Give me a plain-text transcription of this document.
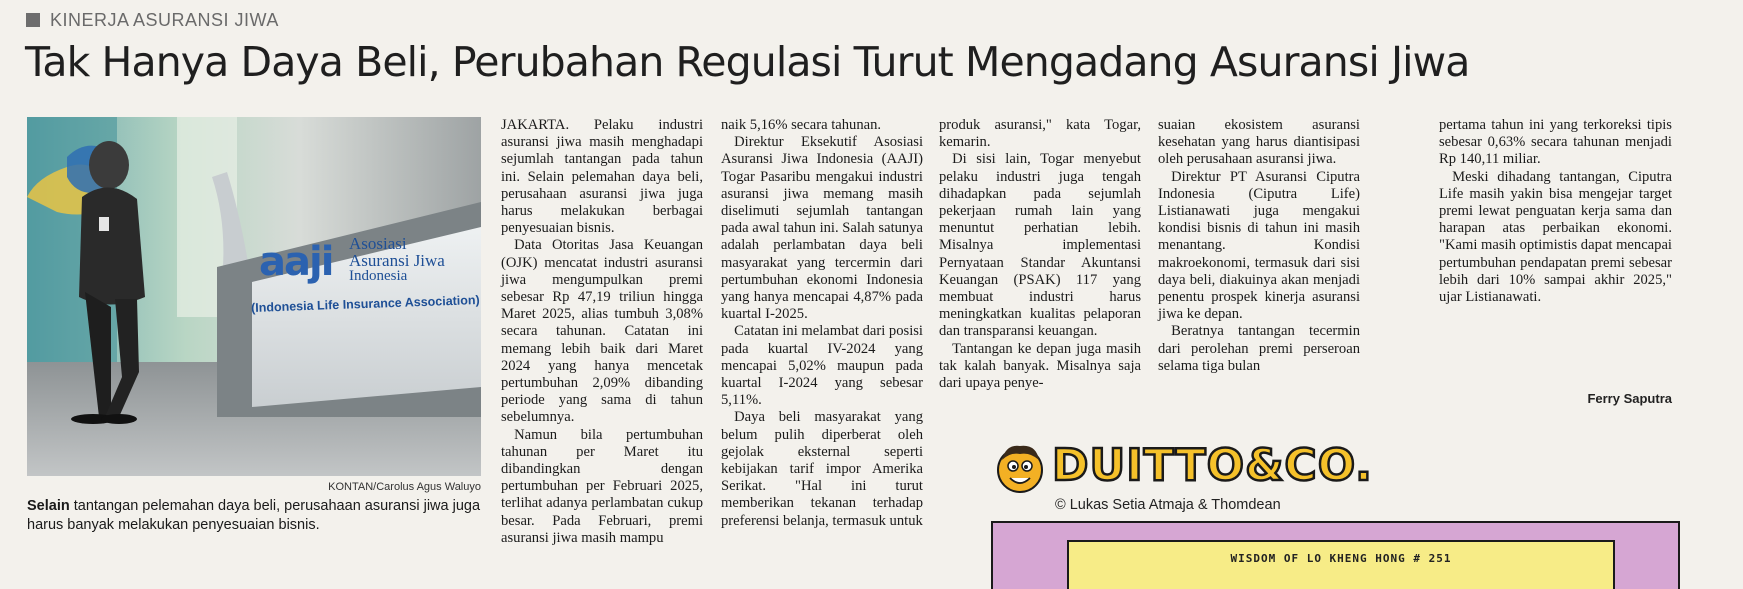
KINERJA ASURANSI JIWA
Tak Hanya Daya Beli, Perubahan Regulasi Turut Mengadang Asuransi Jiwa
aaji Asosiasi
Asuransi Jiwa
Indonesia
(Indonesia Life Insurance Association)
KONTAN/Carolus Agus Waluyo
Selain tantangan pelemahan daya beli, perusahaan asuransi jiwa juga harus banyak melakukan penyesuaian bisnis.

JAKARTA. Pelaku industri asuransi jiwa masih menghadapi sejumlah tantangan pada tahun ini. Selain pelemahan daya beli, perusahaan asuransi jiwa juga harus melakukan berbagai penyesuaian bisnis.

Data Otoritas Jasa Keuangan (OJK) mencatat industri asuransi jiwa mengumpulkan premi sebesar Rp 47,19 triliun hingga Maret 2025, alias tumbuh 3,08% secara tahunan. Catatan ini memang lebih baik dari Maret 2024 yang hanya mencetak pertumbuhan 2,09% dibanding periode yang sama di tahun sebelumnya.

Namun bila pertumbuhan tahunan per Maret itu dibandingkan dengan pertumbuhan per Februari 2025, terlihat adanya perlambatan cukup besar. Pada Februari, premi asuransi jiwa masih mampu

naik 5,16% secara tahunan.

Direktur Eksekutif Asosiasi Asuransi Jiwa Indonesia (AAJI) Togar Pasaribu mengakui industri asuransi jiwa memang masih diselimuti sejumlah tantangan pada awal tahun ini. Salah satunya adalah perlambatan daya beli masyarakat yang tercermin dari pertumbuhan ekonomi Indonesia yang hanya mencapai 4,87% pada kuartal I-2025.

Catatan ini melambat dari posisi pada kuartal IV-2024 yang mencapai 5,02% maupun pada kuartal I-2024 yang sebesar 5,11%.

Daya beli masyarakat yang belum pulih diperberat oleh gejolak eksternal seperti kebijakan tarif impor Amerika Serikat. "Hal ini turut memberikan tekanan terhadap preferensi belanja, termasuk untuk

produk asuransi," kata Togar, kemarin.

Di sisi lain, Togar menyebut pelaku industri juga tengah dihadapkan pada sejumlah pekerjaan rumah lain yang menuntut perhatian lebih. Misalnya implementasi Pernyataan Standar Akuntansi Keuangan (PSAK) 117 yang membuat industri harus meningkatkan kualitas pelaporan dan transparansi keuangan.

Tantangan ke depan juga masih tak kalah banyak. Misalnya saja dari upaya penye-

suaian ekosistem asuransi kesehatan yang harus diantisipasi oleh perusahaan asuransi jiwa.

Direktur PT Asuransi Ciputra Indonesia (Ciputra Life) Listianawati juga mengakui kondisi bisnis di tahun ini masih menantang. Kondisi makroekonomi, termasuk dari sisi daya beli, diakuinya akan menjadi penentu prospek kinerja asuransi jiwa ke depan.

Beratnya tantangan tecermin dari perolehan premi perseroan selama tiga bulan

pertama tahun ini yang terkoreksi tipis sebesar 0,63% secara tahunan menjadi Rp 140,11 miliar.

Meski dihadang tantangan, Ciputra Life masih yakin bisa mengejar target premi lewat penguatan kerja sama dan harapan atas perbaikan ekonomi. "Kami masih optimistis dapat mencapai pertumbuhan pendapatan premi sebesar lebih dari 10% sampai akhir 2025," ujar Listianawati.

Ferry Saputra
DUITTO&CO.
© Lukas Setia Atmaja & Thomdean
WISDOM OF LO KHENG HONG # 251
